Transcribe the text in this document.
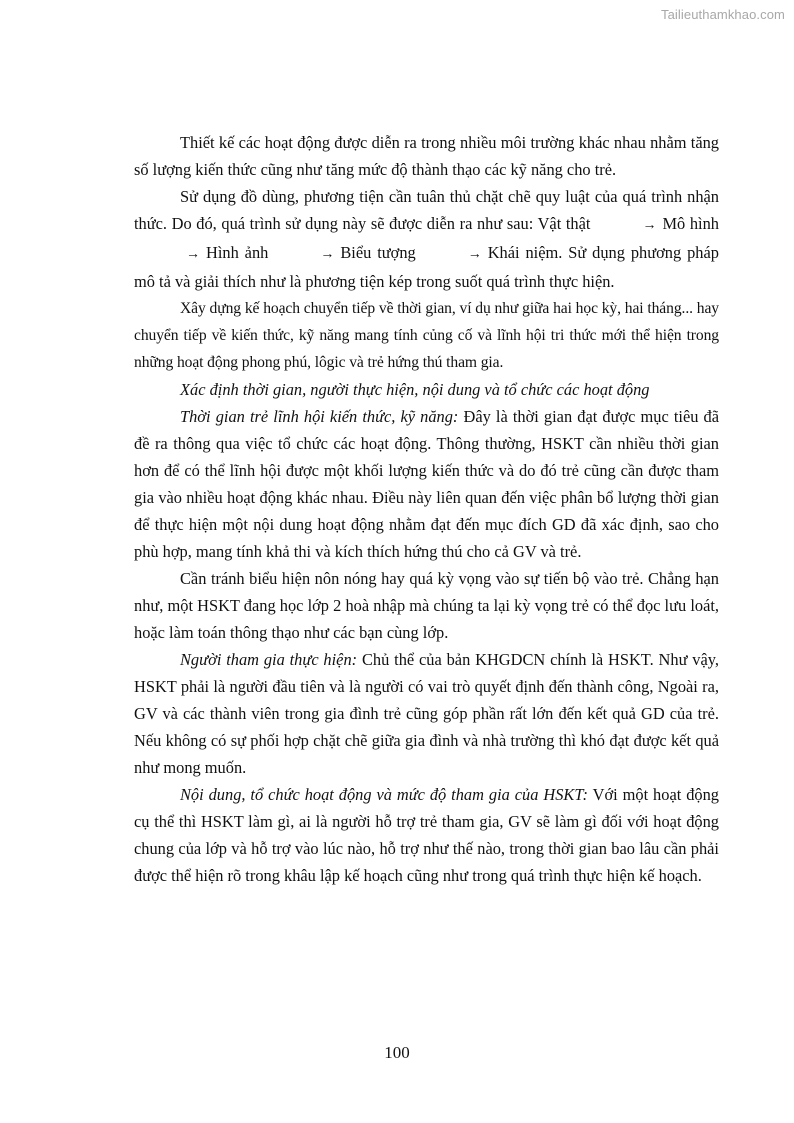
Tailieuthamkhao.com

Thiết kế các hoạt động được diễn ra trong nhiều môi trường khác nhau nhằm tăng số lượng kiến thức cũng như tăng mức độ thành thạo các kỹ năng cho trẻ.

Sử dụng đồ dùng, phương tiện cần tuân thủ chặt chẽ quy luật của quá trình nhận thức. Do đó, quá trình sử dụng này sẽ được diễn ra như sau: Vật thật	→ Mô hình→ Hình ảnh	→ Biểu tượng	→ Khái niệm. Sử dụng phương pháp mô tả và giải thích như là phương tiện kép trong suốt quá trình thực hiện.

Xây dựng kế hoạch chuyển tiếp về thời gian, ví dụ như giữa hai học kỳ, hai tháng... hay chuyển tiếp về kiến thức, kỹ năng mang tính củng cố và lĩnh hội tri thức mới thể hiện trong những hoạt động phong phú, lôgic và trẻ hứng thú tham gia.

Xác định thời gian, người thực hiện, nội dung và tổ chức các hoạt động

Thời gian trẻ lĩnh hội kiến thức, kỹ năng: Đây là thời gian đạt được mục tiêu đã đề ra thông qua việc tổ chức các hoạt động. Thông thường, HSKT cần nhiều thời gian hơn để có thể lĩnh hội được một khối lượng kiến thức và do đó trẻ cũng cần được tham gia vào nhiều hoạt động khác nhau. Điều này liên quan đến việc phân bổ lượng thời gian để thực hiện một nội dung hoạt động nhằm đạt đến mục đích GD đã xác định, sao cho phù hợp, mang tính khả thi và kích thích hứng thú cho cả GV và trẻ.

Cần tránh biểu hiện nôn nóng hay quá kỳ vọng vào sự tiến bộ vào trẻ. Chẳng hạn như, một HSKT đang học lớp 2 hoà nhập mà chúng ta lại kỳ vọng trẻ có thể đọc lưu loát, hoặc làm toán thông thạo như các bạn cùng lớp.

Người tham gia thực hiện: Chủ thể của bản KHGDCN chính là HSKT. Như vậy, HSKT phải là người đầu tiên và là người có vai trò quyết định đến thành công, Ngoài ra, GV và các thành viên trong gia đình trẻ cũng góp phần rất lớn đến kết quả GD của trẻ. Nếu không có sự phối hợp chặt chẽ giữa gia đình và nhà trường thì khó đạt được kết quả như mong muốn.

Nội dung, tổ chức hoạt động và mức độ tham gia của HSKT: Với một hoạt động cụ thể thì HSKT làm gì, ai là người hỗ trợ trẻ tham gia, GV sẽ làm gì đối với hoạt động chung của lớp và hỗ trợ vào lúc nào, hỗ trợ như thế nào, trong thời gian bao lâu cần phải được thể hiện rõ trong khâu lập kế hoạch cũng như trong quá trình thực hiện kế hoạch.

100
